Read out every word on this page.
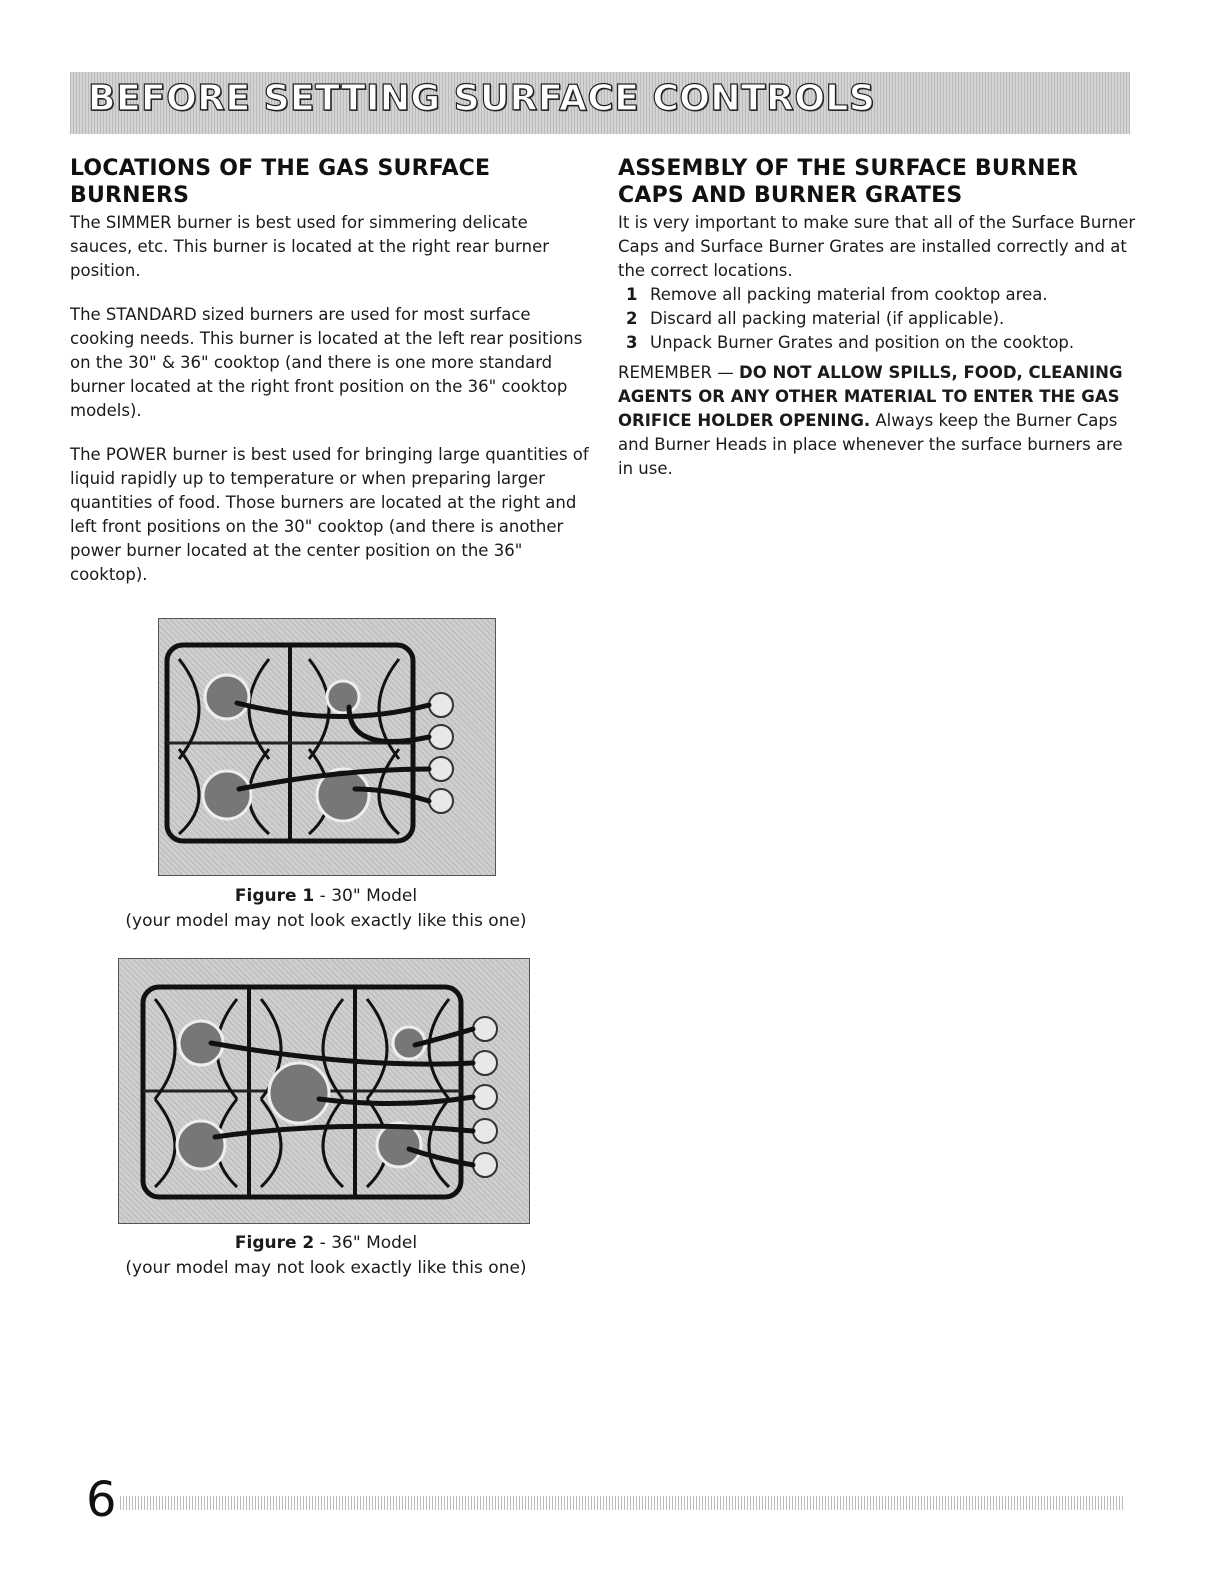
BEFORE SETTING SURFACE CONTROLS
LOCATIONS OF THE GAS SURFACE BURNERS

The SIMMER burner is best used for simmering delicate sauces, etc. This burner is located at the right rear burner position.

The STANDARD sized burners are used for most surface cooking needs. This burner is located at the left rear positions on the 30" & 36" cooktop (and there is one more standard burner located at the right front position on the 36" cooktop models).

The POWER burner is best used for bringing large quantities of liquid rapidly up to temperature or when preparing larger quantities of food. Those burners are located at the right and left front positions on the 30" cooktop (and there is another power burner located at the center position on the 36" cooktop).

ASSEMBLY OF THE SURFACE BURNER CAPS AND BURNER GRATES

It is very important to make sure that all of the Surface Burner Caps and Surface Burner Grates are installed correctly and at the correct locations.

1 Remove all packing material from cooktop area.
2 Discard all packing material (if applicable).
3 Unpack Burner Grates and position on the cooktop.

REMEMBER — DO NOT ALLOW SPILLS, FOOD, CLEANING AGENTS OR ANY OTHER MATERIAL TO ENTER THE GAS ORIFICE HOLDER OPENING. Always keep the Burner Caps and Burner Heads in place whenever the surface burners are in use.

Figure 1 - 30" Model
(your model may not look exactly like this one)
Figure 2 - 36" Model
(your model may not look exactly like this one)
6
